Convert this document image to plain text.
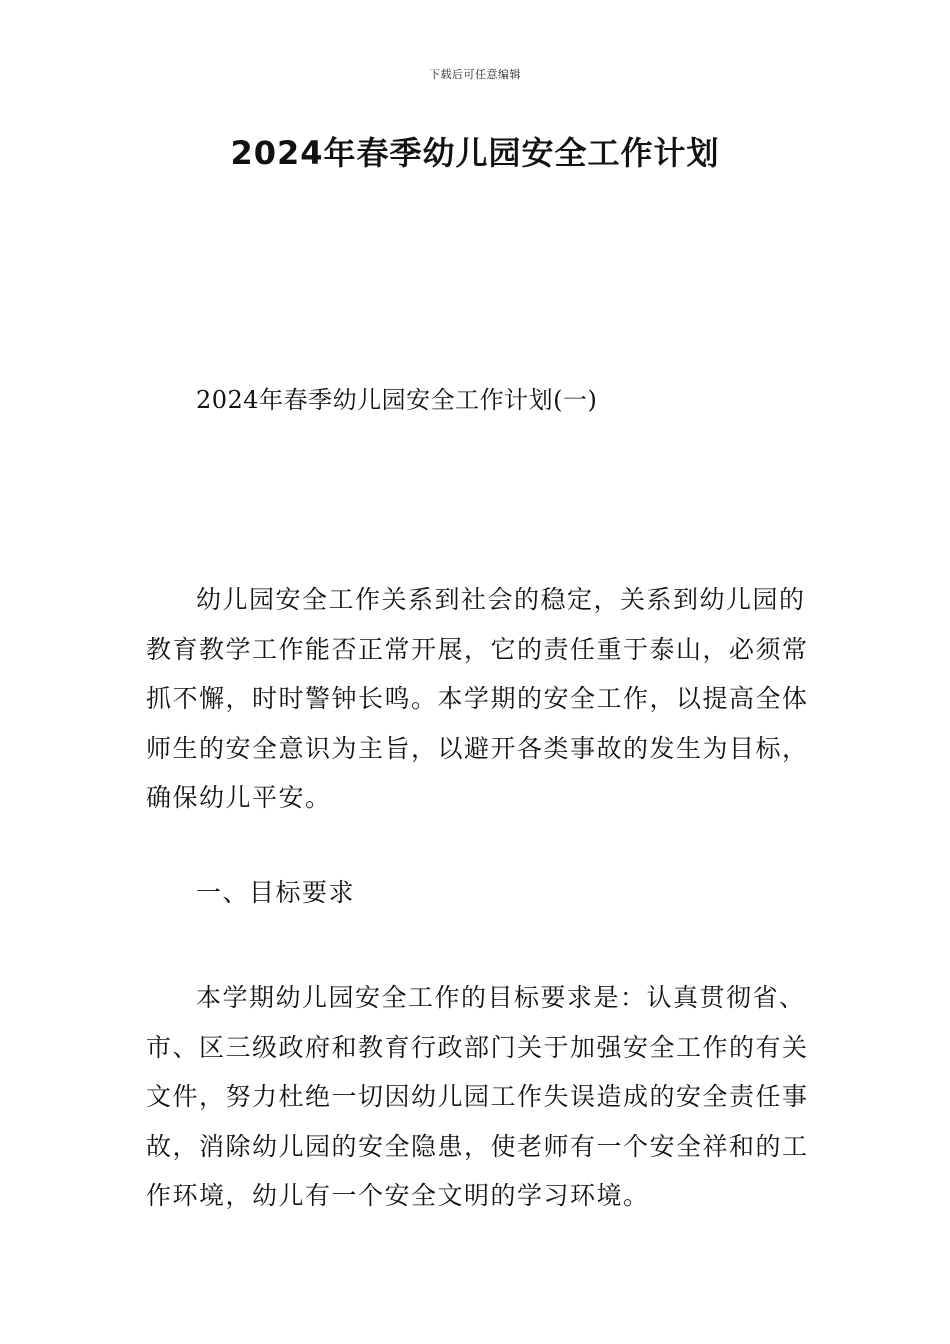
下载后可任意编辑
2024年春季幼儿园安全工作计划
2024年春季幼儿园安全工作计划(一)

幼儿园安全工作关系到社会的稳定，关系到幼儿园的教育教学工作能否正常开展，它的责任重于泰山，必须常抓不懈，时时警钟长鸣。本学期的安全工作，以提高全体师生的安全意识为主旨，以避开各类事故的发生为目标，确保幼儿平安。

一、目标要求

本学期幼儿园安全工作的目标要求是：认真贯彻省、市、区三级政府和教育行政部门关于加强安全工作的有关文件，努力杜绝一切因幼儿园工作失误造成的安全责任事故，消除幼儿园的安全隐患，使老师有一个安全祥和的工作环境，幼儿有一个安全文明的学习环境。
